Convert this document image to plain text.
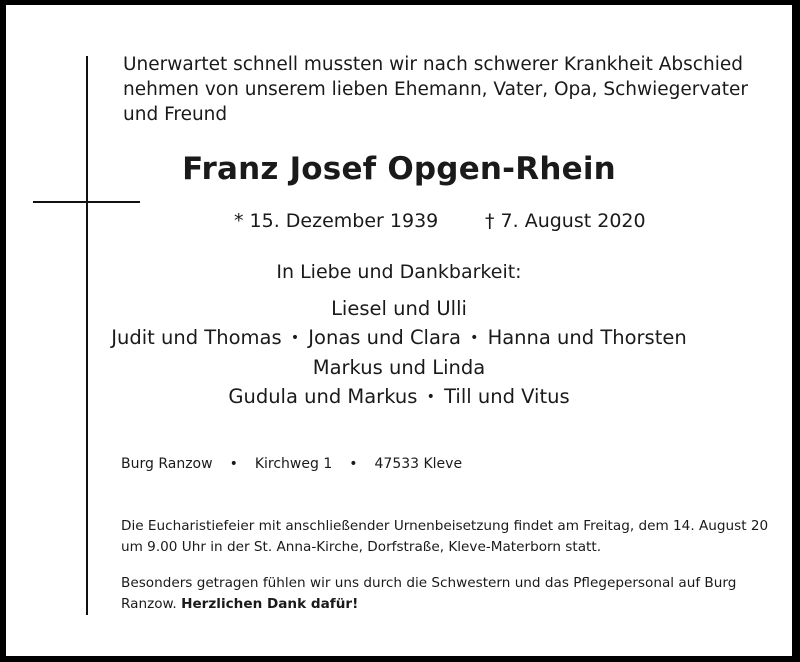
Unerwartet schnell mussten wir nach schwerer Krankheit Abschied
nehmen von unserem lieben Ehemann, Vater, Opa, Schwiegervater
und Freund
Franz Josef Opgen-Rhein
* 15. Dezember 1939 † 7. August 2020
In Liebe und Dankbarkeit:
Liesel und Ulli
Judit und Thomas • Jonas und Clara • Hanna und Thorsten
Markus und Linda
Gudula und Markus • Till und Vitus
Burg Ranzow • Kirchweg 1 • 47533 Kleve
Die Eucharistiefeier mit anschließender Urnenbeisetzung findet am Freitag, dem 14. August 20
um 9.00 Uhr in der St. Anna-Kirche, Dorfstraße, Kleve-Materborn statt.
Besonders getragen fühlen wir uns durch die Schwestern und das Pflegepersonal auf Burg
Ranzow. Herzlichen Dank dafür!
